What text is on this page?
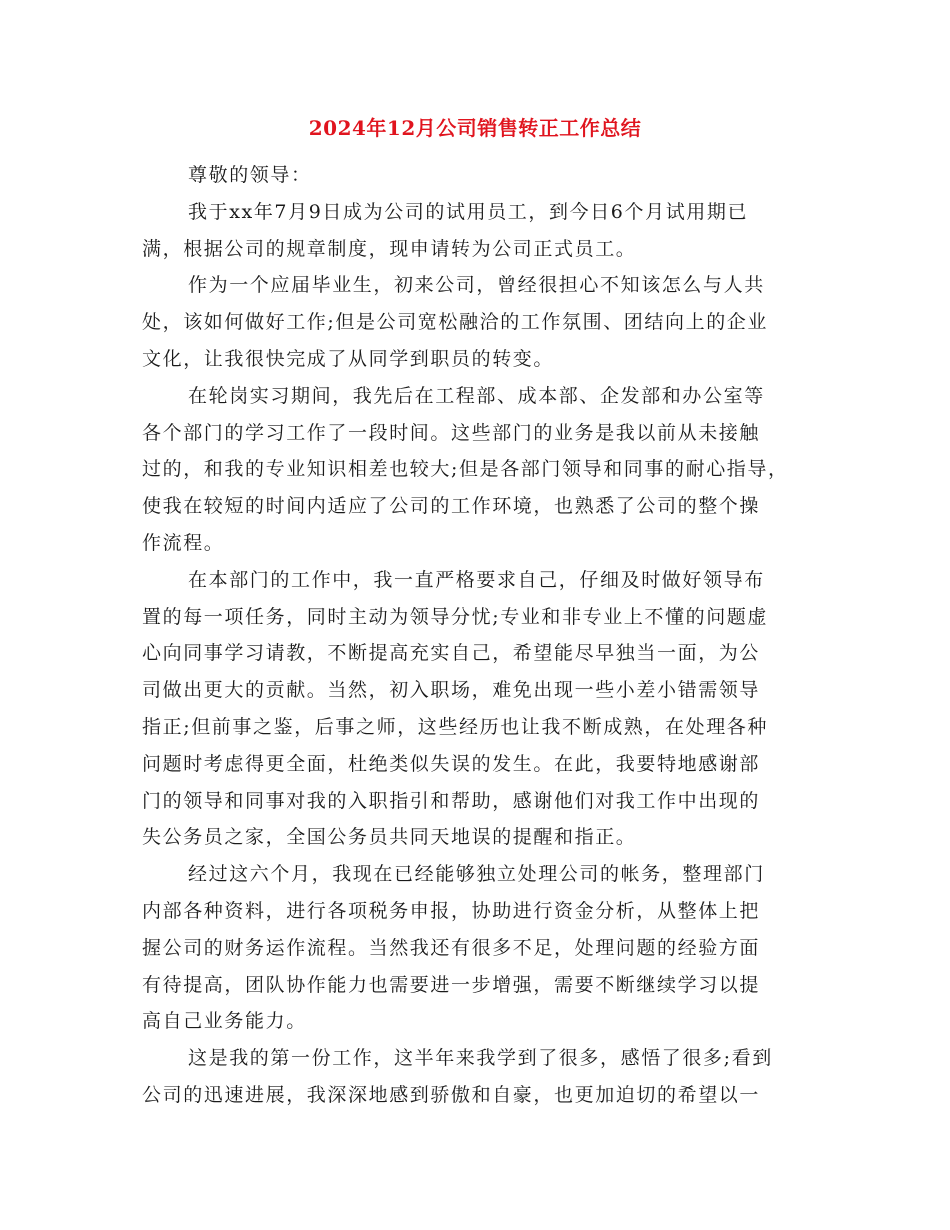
2024年12月公司销售转正工作总结

尊敬的领导：

我于xx年7月9日成为公司的试用员工，到今日6个月试用期已

满，根据公司的规章制度，现申请转为公司正式员工。

作为一个应届毕业生，初来公司，曾经很担心不知该怎么与人共

处，该如何做好工作;但是公司宽松融洽的工作氛围、团结向上的企业

文化，让我很快完成了从同学到职员的转变。

在轮岗实习期间，我先后在工程部、成本部、企发部和办公室等

各个部门的学习工作了一段时间。这些部门的业务是我以前从未接触

过的，和我的专业知识相差也较大;但是各部门领导和同事的耐心指导，

使我在较短的时间内适应了公司的工作环境，也熟悉了公司的整个操

作流程。

在本部门的工作中，我一直严格要求自己，仔细及时做好领导布

置的每一项任务，同时主动为领导分忧;专业和非专业上不懂的问题虚

心向同事学习请教，不断提高充实自己，希望能尽早独当一面，为公

司做出更大的贡献。当然，初入职场，难免出现一些小差小错需领导

指正;但前事之鉴，后事之师，这些经历也让我不断成熟，在处理各种

问题时考虑得更全面，杜绝类似失误的发生。在此，我要特地感谢部

门的领导和同事对我的入职指引和帮助，感谢他们对我工作中出现的

失公务员之家，全国公务员共同天地误的提醒和指正。

经过这六个月，我现在已经能够独立处理公司的帐务，整理部门

内部各种资料，进行各项税务申报，协助进行资金分析，从整体上把

握公司的财务运作流程。当然我还有很多不足，处理问题的经验方面

有待提高，团队协作能力也需要进一步增强，需要不断继续学习以提

高自己业务能力。

这是我的第一份工作，这半年来我学到了很多，感悟了很多;看到

公司的迅速进展，我深深地感到骄傲和自豪，也更加迫切的希望以一
